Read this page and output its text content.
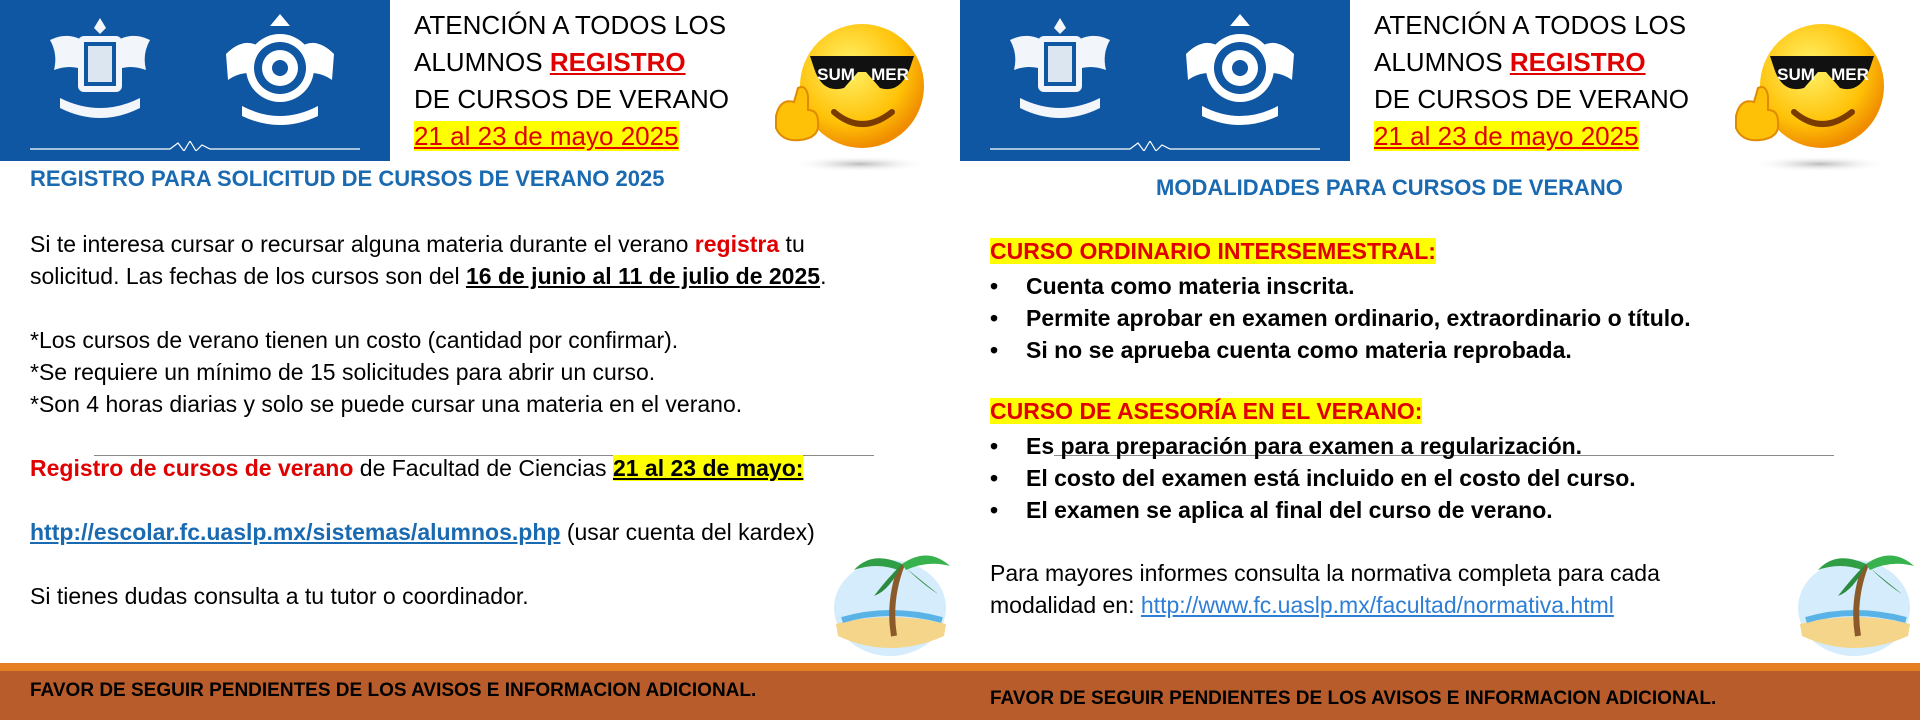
ATENCIÓN A TODOS LOS
ALUMNOS REGISTRO
DE CURSOS DE VERANO
21 al 23 de mayo 2025
SUM MER
REGISTRO PARA SOLICITUD DE CURSOS DE VERANO 2025
Si te interesa cursar o recursar alguna materia durante el verano registra tu solicitud. Las fechas de los cursos son del 16 de junio al 11 de julio de 2025.
*Los cursos de verano tienen un costo (cantidad por confirmar).
*Se requiere un mínimo de 15 solicitudes para abrir un curso.
*Son 4 horas diarias y solo se puede cursar una materia en el verano.
Registro de cursos de verano de Facultad de Ciencias 21 al 23 de mayo:
http://escolar.fc.uaslp.mx/sistemas/alumnos.php (usar cuenta del kardex)
Si tienes dudas consulta a tu tutor o coordinador.
FAVOR DE SEGUIR PENDIENTES DE LOS AVISOS E INFORMACION ADICIONAL.
ATENCIÓN A TODOS LOS
ALUMNOS REGISTRO
DE CURSOS DE VERANO
21 al 23 de mayo 2025
SUM MER
MODALIDADES PARA CURSOS DE VERANO
CURSO ORDINARIO INTERSEMESTRAL:
• Cuenta como materia inscrita.
• Permite aprobar en examen ordinario, extraordinario o título.
• Si no se aprueba cuenta como materia reprobada.
CURSO DE ASESORÍA EN EL VERANO:
• Es para preparación para examen a regularización.
• El costo del examen está incluido en el costo del curso.
• El examen se aplica al final del curso de verano.
Para mayores informes consulta la normativa completa para cada modalidad en: http://www.fc.uaslp.mx/facultad/normativa.html
FAVOR DE SEGUIR PENDIENTES DE LOS AVISOS E INFORMACION ADICIONAL.
